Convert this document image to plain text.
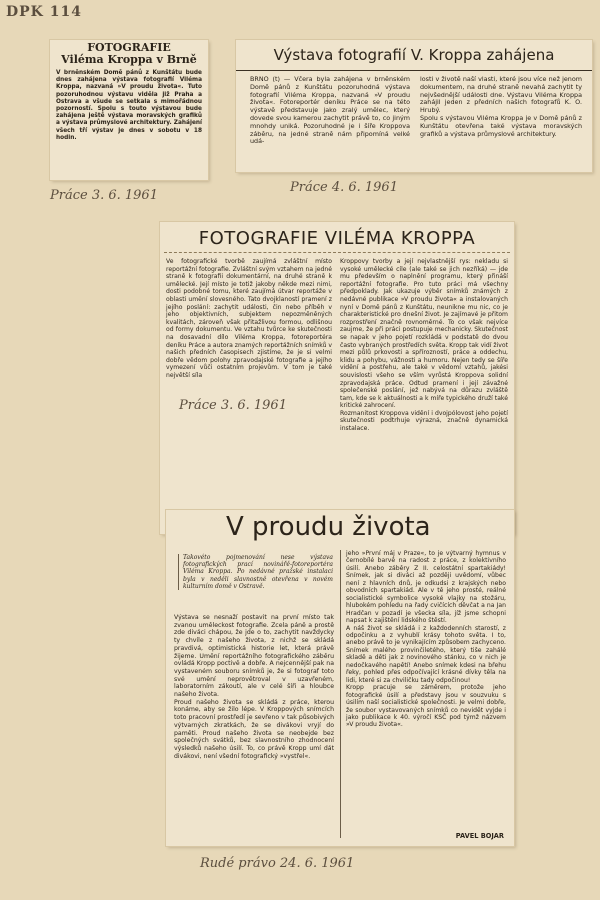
DPK 114
FOTOGRAFIE
Viléma Kroppa v Brně

V brněnském Domě pánů z Kunštátu bude dnes zahájena výstava fotografií Viléma Kroppa, nazvaná »V proudu života«. Tuto pozoruhodnou výstavu viděla již Praha a Ostrava a všude se setkala s mimořádnou pozorností. Spolu s touto výstavou bude zahájena ještě výstava moravských grafiků a výstava průmyslové architektury. Zahájení všech tří výstav je dnes v sobotu v 18 hodin.

Práce 3. 6. 1961
Výstava fotografií V. Kroppa zahájena

BRNO (t) — Včera byla zahájena v brněnském Domě pánů z Kunštátu pozoruhodná výstava fotografií Viléma Kroppa, nazvaná »V proudu života«. Fotoreportér deníku Práce se na této výstavě představuje jako zralý umělec, který dovede svou kamerou zachytit právě to, co jiným mnohdy uniká. Pozoruhodné je i šíře Kroppova záběru, na jedné straně nám připomíná velké udá-

losti v životě naší vlasti, které jsou více než jenom dokumentem, na druhé straně nevahá zachytit ty nejvšednější události dne. Výstavu Viléma Kroppa zahájil jeden z předních našich fotografů K. O. Hrubý.
Spolu s výstavou Viléma Kroppa je v Domě pánů z Kunštátu otevřena také výstava moravských grafiků a výstava průmyslové architektury.

Práce 4. 6. 1961
FOTOGRAFIE VILÉMA KROPPA

Ve fotografické tvorbě zaujímá zvláštní místo reportážní fotografie. Zvláštní svým vztahem na jedné straně k fotografii dokumentární, na druhé straně k umělecké. Její místo je totiž jakoby někde mezi nimi, dosti podobné tomu, které zaujímá útvar reportáže v oblasti umění slovesného. Tato dvojklaností pramení z jejího poslání: zachytit události, čin nebo příběh v jeho objektivních, subjektem nepozměněných kvalitách, zároveň však přitažlivou formou, odlišnou od formy dokumentu. Ve vztahu tvůrce ke skutečnosti na dosavadní dílo Viléma Kroppa, fotoreportéra deníku Práce a autora znamých reportážních snímků v našich předních časopisech zjistíme, že je si velmi dobře vědom polohy zpravodajské fotografie a jejího vymezení vůči ostatním projevům. V tom je také největší síla

Kroppovy tvorby a její nejvlastnější rys: nekladu si vysoké umělecké cíle (ale také se jich nezříká) — jde mu především o naplnění programu, který přináší reportážní fotografie. Pro tuto práci má všechny předpoklady. Jak ukazuje výběr snímků známých z nedávné publikace »V proudu života« a instalovaných nyní v Domě pánů z Kunštátu, neunikne mu nic, co je charakteristické pro dnešní život. Je zajímavé je přitom rozprostření značně rovnoměrné. To co však nejvíce zaujme, že při práci postupuje mechanicky. Skutečnost se napak v jeho pojetí rozkládá v podstatě do dvou často vybraných prostředích světa. Kropp tak vidí život mezi půlů prkovosti a spřírozností, práce a oddechu, klidu a pohybu, vážnosti a humoru. Nejen tedy se šíře vidění a postřehu, ale také v vědomí vztahů, jakési souvislosti všeho se vším vyrůstá Kroppova solidní zpravodajská práce. Odtud pramení i její závažné společenské poslání, jež nabývá na důrazu zvláště tam, kde se k aktuálnosti a k míře typického druží také kritické zahrocení.
Rozmanitost Kroppova vidění i dvojpólovost jeho pojetí skutečnosti podtrhuje výrazná, značně dynamická instalace.

Práce 3. 6. 1961
V proudu života

Takovéto pojmenování nese výstava fotografických prací novinářě-fotoreportéra Viléma Kroppa. Po nedávné pražské instalaci byla v neděli slavnostně otevřena v novém kulturním domě v Ostravě.

Výstava se nesnaží postavit na první místo tak zvanou uměleckost fotografie. Zcela páně a prostě zde diváci chápou, že jde o to, zachytit navždycky ty chvíle z našeho života, z nichž se skládá pravdivá, optimistická historie let, která právě žijeme. Umění reportážního fotografického záběru ovládá Kropp poctivě a dobře. A nejcennější pak na vystaveném souboru snímků je, že si fotograf toto své umění neprovětroval v uzavřeném, laboratorním zákoutí, ale v celé šíři a hloubce našeho života.
Proud našeho života se skládá z práce, kterou konáme, aby se žilo lépe. V Kroppových snímcích toto pracovní prostředí je sevřeno v tak působivých výtvarných zkratkách, že se divákovi vryjí do paměti. Proud našeho života se neobejde bez společných svátků, bez slavnostního zhodnocení výsledků našeho úsilí. To, co právě Kropp umí dát divákovi, není všední fotografický »vystřel«.

jeho »První máj v Praze«, to je výtvarný hymnus v černobílé barvě na radost z práce, z kolektivního úsilí. Anebo záběry Z II. celostátní spartakiády! Snímek, jak si diváci až později uvědomí, vůbec není z hlavních dnů, je odkudsi z krajských nebo obvodních spartakiád. Ale v tě jeho prosté, reálné socialistické symbolice vysoké vlajky na stožáru, hlubokém pohledu na řady cvičících děvčat a na Jan Hradčan v pozadí je všecka síla, jíž jsme schopni napsat k zajištění lidského štěstí.
A náš život se skládá i z každodenních starostí, z odpočinku a z vyhublí krásy tohoto světa. I to, anebo právě to je vynikajícím způsobem zachyceno. Snímek malého provinčiletého, který tiše zahálé skladě a děti jak z novinového stánku, co v nich je nedočkavého napětí! Anebo snímek kdesi na břehu řeky, pohled přes odpočívající krásné dívky těla na lidi, které si za chviličku tady odpočinou!
Kropp pracuje se záměrem, protože jeho fotografické úsilí a představy jsou v souzvuku s úsilím naší socialistické společnosti. Je velmi dobře, že soubor vystavovaných snímků co nevidět vyjde i jako publikace k 40. výročí KSČ pod týmž názvem »V proudu života«.

PAVEL BOJAR

Rudé právo 24. 6. 1961
